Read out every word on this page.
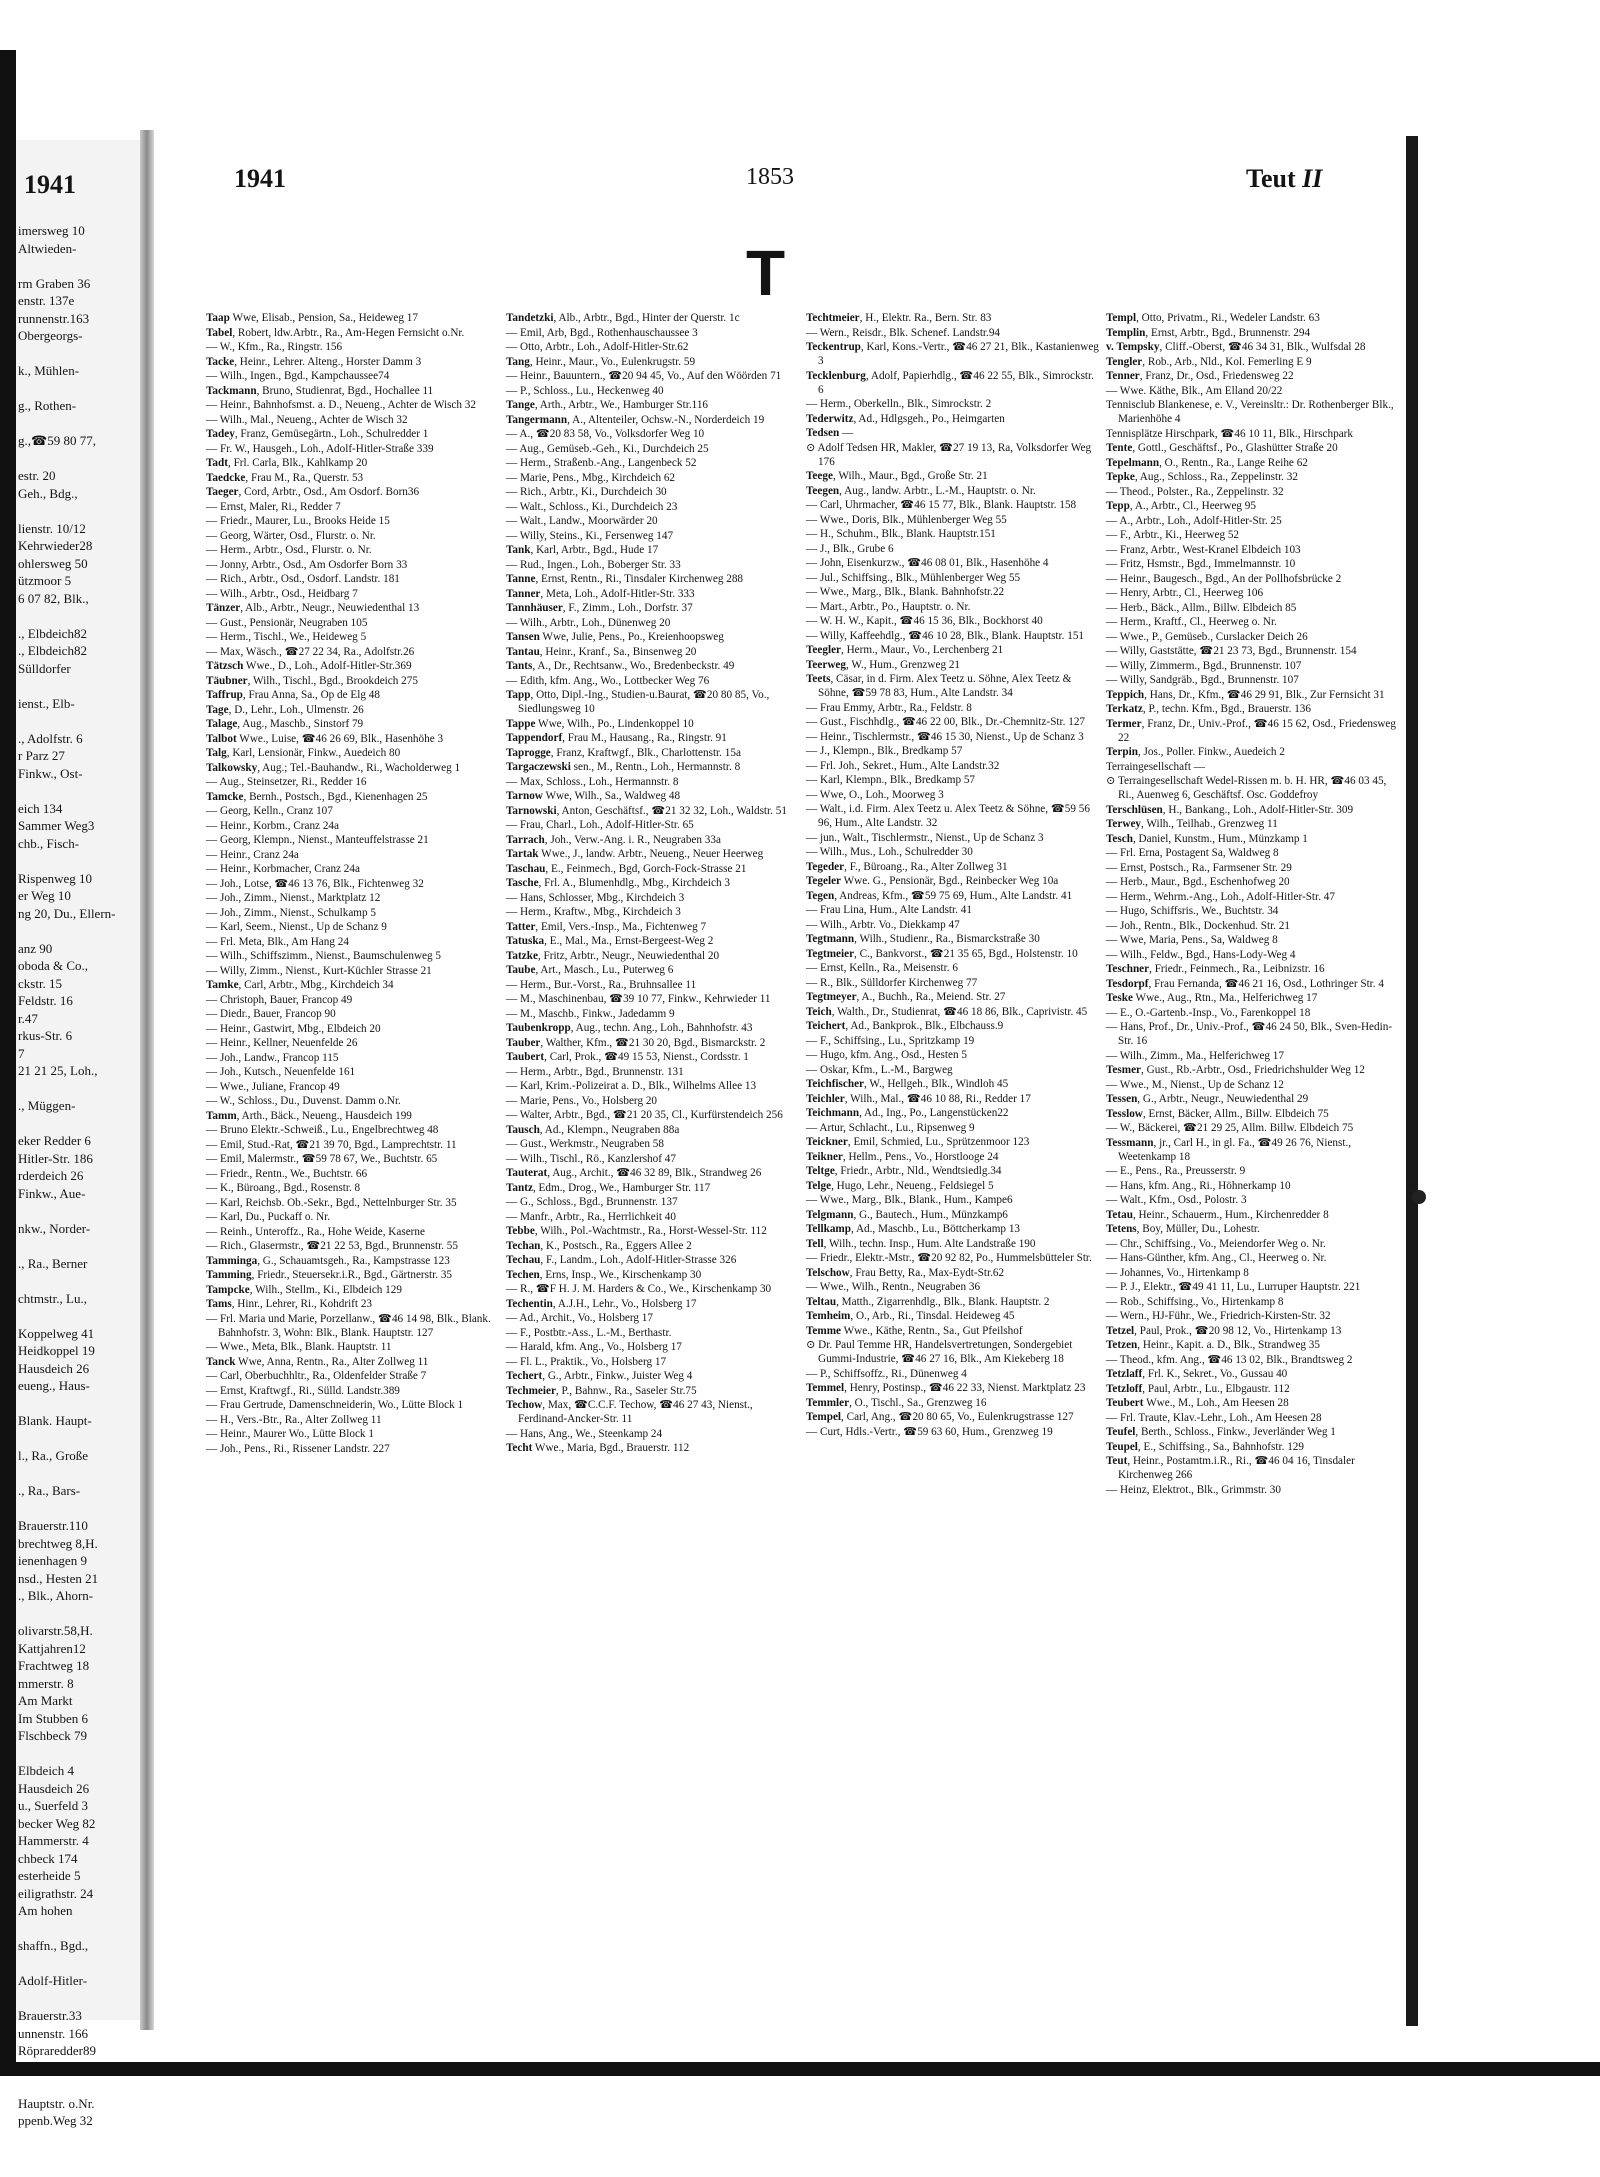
1941
imersweg 10
Altwieden-

rm Graben 36
enstr. 137e
runnenstr.163
Obergeorgs-

k., Mühlen-

g., Rothen-

g.,☎59 80 77,

estr. 20
Geh., Bdg.,

lienstr. 10/12
Kehrwieder28
ohlersweg 50
ützmoor 5
6 07 82, Blk.,

., Elbdeich82
., Elbdeich82
Sülldorfer

ienst., Elb-

., Adolfstr. 6
r Parz 27
Finkw., Ost-

eich 134
Sammer Weg3
chb., Fisch-

Rispenweg 10
er Weg 10
ng 20, Du., Ellern-

anz 90
oboda & Co.,
ckstr. 15
Feldstr. 16
r.47
rkus-Str. 6
7
21 21 25, Loh.,

., Müggen-

eker Redder 6
Hitler-Str. 186
rderdeich 26
Finkw., Aue-

nkw., Norder-

., Ra., Berner

chtmstr., Lu.,

Koppelweg 41
Heidkoppel 19
Hausdeich 26
eueng., Haus-

Blank. Haupt-

l., Ra., Große

., Ra., Bars-

Brauerstr.110
brechtweg 8,H.
ienenhagen 9
nsd., Hesten 21
., Blk., Ahorn-

olivarstr.58,H.
Kattjahren12
Frachtweg 18
mmerstr. 8
Am Markt
Im Stubben 6
Flschbeck 79

Elbdeich 4
Hausdeich 26
u., Suerfeld 3
becker Weg 82
Hammerstr. 4
chbeck 174
esterheide 5
eiligrathstr. 24
Am hohen

shaffn., Bgd.,

Adolf-Hitler-

Brauerstr.33
unnenstr. 166
Röpraredder89

Hauptstr. o.Nr.
ppenb.Weg 32
1941	1853	Teut II
T
Taap Wwe, Elisab., Pension, Sa., Heideweg 17
Tabel, Robert, ldw.Arbtr., Ra., Am-Hegen Fernsicht o.Nr.
— W., Kfm., Ra., Ringstr. 156
Tacke, Heinr., Lehrer. Alteng., Horster Damm 3
— Wilh., Ingen., Bgd., Kampchaussee74
Tackmann, Bruno, Studienrat, Bgd., Hochallee 11
— Heinr., Bahnhofsmst. a. D., Neueng., Achter de Wisch 32
— Wilh., Mal., Neueng., Achter de Wisch 32
Tadey, Franz, Gemüsegärtn., Loh., Schulredder 1
— Fr. W., Hausgeh., Loh., Adolf-Hitler-Straße 339
Tadt, Frl. Carla, Blk., Kahlkamp 20
Taedcke, Frau M., Ra., Querstr. 53
Taeger, Cord, Arbtr., Osd., Am Osdorf. Born36
— Ernst, Maler, Ri., Redder 7
— Friedr., Maurer, Lu., Brooks Heide 15
— Georg, Wärter, Osd., Flurstr. o. Nr.
— Herm., Arbtr., Osd., Flurstr. o. Nr.
— Jonny, Arbtr., Osd., Am Osdorfer Born 33
— Rich., Arbtr., Osd., Osdorf. Landstr. 181
— Wilh., Arbtr., Osd., Heidbarg 7
Tänzer, Alb., Arbtr., Neugr., Neuwiedenthal 13
— Gust., Pensionär, Neugraben 105
— Herm., Tischl., We., Heideweg 5
— Max, Wäsch., ☎27 22 34, Ra., Adolfstr.26
Tätzsch Wwe., D., Loh., Adolf-Hitler-Str.369
Täubner, Wilh., Tischl., Bgd., Brookdeich 275
Taffrup, Frau Anna, Sa., Op de Elg 48
Tage, D., Lehr., Loh., Ulmenstr. 26
Talage, Aug., Maschb., Sinstorf 79
Talbot Wwe., Luise, ☎46 26 69, Blk., Hasenhöhe 3
Talg, Karl, Lensionär, Finkw., Auedeich 80
Talkowsky, Aug.; Tel.-Bauhandw., Ri., Wacholderweg 1
— Aug., Steinsetzer, Ri., Redder 16
Tamcke, Bernh., Postsch., Bgd., Kienenhagen 25
— Georg, Kelln., Cranz 107
— Heinr., Korbm., Cranz 24a
— Georg, Klempn., Nienst., Manteuffelstrasse 21
— Heinr., Cranz 24a
— Heinr., Korbmacher, Cranz 24a
— Joh., Lotse, ☎46 13 76, Blk., Fichtenweg 32
— Joh., Zimm., Nienst., Marktplatz 12
— Joh., Zimm., Nienst., Schulkamp 5
— Karl, Seem., Nienst., Up de Schanz 9
— Frl. Meta, Blk., Am Hang 24
— Wilh., Schiffszimm., Nienst., Baumschulenweg 5
— Willy, Zimm., Nienst., Kurt-Küchler Strasse 21
Tamke, Carl, Arbtr., Mbg., Kirchdeich 34
— Christoph, Bauer, Francop 49
— Diedr., Bauer, Francop 90
— Heinr., Gastwirt, Mbg., Elbdeich 20
— Heinr., Kellner, Neuenfelde 26
— Joh., Landw., Francop 115
— Joh., Kutsch., Neuenfelde 161
— Wwe., Juliane, Francop 49
— W., Schloss., Du., Duvenst. Damm o.Nr.
Tamm, Arth., Bäck., Neueng., Hausdeich 199
— Bruno Elektr.-Schweiß., Lu., Engelbrechtweg 48
— Emil, Stud.-Rat, ☎21 39 70, Bgd., Lamprechtstr. 11
— Emil, Malermstr., ☎59 78 67, We., Buchtstr. 65
— Friedr., Rentn., We., Buchtstr. 66
— K., Büroang., Bgd., Rosenstr. 8
— Karl, Reichsb. Ob.-Sekr., Bgd., Nettelnburger Str. 35
— Karl, Du., Puckaff o. Nr.
— Reinh., Unteroffz., Ra., Hohe Weide, Kaserne
— Rich., Glasermstr., ☎21 22 53, Bgd., Brunnenstr. 55
Tamminga, G., Schauamtsgeh., Ra., Kampstrasse 123
Tamming, Friedr., Steuersekr.i.R., Bgd., Gärtnerstr. 35
Tampcke, Wilh., Stellm., Ki., Elbdeich 129
Tams, Hinr., Lehrer, Ri., Kohdrift 23
— Frl. Maria und Marie, Porzellanw., ☎46 14 98, Blk., Blank. Bahnhofstr. 3, Wohn: Blk., Blank. Hauptstr. 127
— Wwe., Meta, Blk., Blank. Hauptstr. 11
Tanck Wwe, Anna, Rentn., Ra., Alter Zollweg 11
— Carl, Oberbuchhltr., Ra., Oldenfelder Straße 7
— Ernst, Kraftwgf., Ri., Sülld. Landstr.389
— Frau Gertrude, Damenschneiderin, Wo., Lütte Block 1
— H., Vers.-Btr., Ra., Alter Zollweg 11
— Heinr., Maurer Wo., Lütte Block 1
— Joh., Pens., Ri., Rissener Landstr. 227
Tandetzki, Alb., Arbtr., Bgd., Hinter der Querstr. 1c
— Emil, Arb, Bgd., Rothenhauschaussee 3
— Otto, Arbtr., Loh., Adolf-Hitler-Str.62
Tang, Heinr., Maur., Vo., Eulenkrugstr. 59
— Heinr., Bauuntern., ☎20 94 45, Vo., Auf den Wöörden 71
— P., Schloss., Lu., Heckenweg 40
Tange, Arth., Arbtr., We., Hamburger Str.116
Tangermann, A., Altenteiler, Ochsw.-N., Norderdeich 19
— A., ☎20 83 58, Vo., Volksdorfer Weg 10
— Aug., Gemüseb.-Geh., Ki., Durchdeich 25
— Herm., Straßenb.-Ang., Langenbeck 52
— Marie, Pens., Mbg., Kirchdeich 62
— Rich., Arbtr., Ki., Durchdeich 30
— Walt., Schloss., Ki., Durchdeich 23
— Walt., Landw., Moorwärder 20
— Willy, Steins., Ki., Fersenweg 147
Tank, Karl, Arbtr., Bgd., Hude 17
— Rud., Ingen., Loh., Boberger Str. 33
Tanne, Ernst, Rentn., Ri., Tinsdaler Kirchenweg 288
Tanner, Meta, Loh., Adolf-Hitler-Str. 333
Tannhäuser, F., Zimm., Loh., Dorfstr. 37
— Wilh., Arbtr., Loh., Dünenweg 20
Tansen Wwe, Julie, Pens., Po., Kreienhoopsweg
Tantau, Heinr., Kranf., Sa., Binsenweg 20
Tants, A., Dr., Rechtsanw., Wo., Bredenbeckstr. 49
— Edith, kfm. Ang., Wo., Lottbecker Weg 76
Tapp, Otto, Dipl.-Ing., Studien-u.Baurat, ☎20 80 85, Vo., Siedlungsweg 10
Tappe Wwe, Wilh., Po., Lindenkoppel 10
Tappendorf, Frau M., Hausang., Ra., Ringstr. 91
Taprogge, Franz, Kraftwgf., Blk., Charlottenstr. 15a
Targaczewski sen., M., Rentn., Loh., Hermannstr. 8
— Max, Schloss., Loh., Hermannstr. 8
Tarnow Wwe, Wilh., Sa., Waldweg 48
Tarnowski, Anton, Geschäftsf., ☎21 32 32, Loh., Waldstr. 51
— Frau, Charl., Loh., Adolf-Hitler-Str. 65
Tarrach, Joh., Verw.-Ang. i. R., Neugraben 33a
Tartak Wwe., J., landw. Arbtr., Neueng., Neuer Heerweg
Taschau, E., Feinmech., Bgd, Gorch-Fock-Strasse 21
Tasche, Frl. A., Blumenhdlg., Mbg., Kirchdeich 3
— Hans, Schlosser, Mbg., Kirchdeich 3
— Herm., Kraftw., Mbg., Kirchdeich 3
Tatter, Emil, Vers.-Insp., Ma., Fichtenweg 7
Tatuska, E., Mal., Ma., Ernst-Bergeest-Weg 2
Tatzke, Fritz, Arbtr., Neugr., Neuwiedenthal 20
Taube, Art., Masch., Lu., Puterweg 6
— Herm., Bur.-Vorst., Ra., Bruhnsallee 11
— M., Maschinenbau, ☎39 10 77, Finkw., Kehrwieder 11
— M., Maschb., Finkw., Jadedamm 9
Taubenkropp, Aug., techn. Ang., Loh., Bahnhofstr. 43
Tauber, Walther, Kfm., ☎21 30 20, Bgd., Bismarckstr. 2
Taubert, Carl, Prok., ☎49 15 53, Nienst., Cordsstr. 1
— Herm., Arbtr., Bgd., Brunnenstr. 131
— Karl, Krim.-Polizeirat a. D., Blk., Wilhelms Allee 13
— Marie, Pens., Vo., Holsberg 20
— Walter, Arbtr., Bgd., ☎21 20 35, Cl., Kurfürstendeich 256
Tausch, Ad., Klempn., Neugraben 88a
— Gust., Werkmstr., Neugraben 58
— Wilh., Tischl., Rö., Kanzlershof 47
Tauterat, Aug., Archit., ☎46 32 89, Blk., Strandweg 26
Tantz, Edm., Drog., We., Hamburger Str. 117
— G., Schloss., Bgd., Brunnenstr. 137
— Manfr., Arbtr., Ra., Herrlichkeit 40
Tebbe, Wilh., Pol.-Wachtmstr., Ra., Horst-Wessel-Str. 112
Techan, K., Postsch., Ra., Eggers Allee 2
Techau, F., Landm., Loh., Adolf-Hitler-Strasse 326
Techen, Erns, Insp., We., Kirschenkamp 30
— R., ☎F H. J. M. Harders & Co., We., Kirschenkamp 30
Techentin, A.J.H., Lehr., Vo., Holsberg 17
— Ad., Archit., Vo., Holsberg 17
— F., Postbtr.-Ass., L.-M., Berthastr.
— Harald, kfm. Ang., Vo., Holsberg 17
— Fl. L., Praktik., Vo., Holsberg 17
Techert, G., Arbtr., Finkw., Juister Weg 4
Techmeier, P., Bahnw., Ra., Saseler Str.75
Techow, Max, ☎C.C.F. Techow, ☎46 27 43, Nienst., Ferdinand-Ancker-Str. 11
— Hans, Ang., We., Steenkamp 24
Techt Wwe., Maria, Bgd., Brauerstr. 112
Techtmeier, H., Elektr. Ra., Bern. Str. 83
— Wern., Reisdr., Blk. Schenef. Landstr.94
Teckentrup, Karl, Kons.-Vertr., ☎46 27 21, Blk., Kastanienweg 3
Tecklenburg, Adolf, Papierhdlg., ☎46 22 55, Blk., Simrockstr. 6
— Herm., Oberkelln., Blk., Simrockstr. 2
Tederwitz, Ad., Hdlgsgeh., Po., Heimgarten
Tedsen —
⊙ Adolf Tedsen HR, Makler, ☎27 19 13, Ra, Volksdorfer Weg 176
Teege, Wilh., Maur., Bgd., Große Str. 21
Teegen, Aug., landw. Arbtr., L.-M., Hauptstr. o. Nr.
— Carl, Uhrmacher, ☎46 15 77, Blk., Blank. Hauptstr. 158
— Wwe., Doris, Blk., Mühlenberger Weg 55
— H., Schuhm., Blk., Blank. Hauptstr.151
— J., Blk., Grube 6
— John, Eisenkurzw., ☎46 08 01, Blk., Hasenhöhe 4
— Jul., Schiffsing., Blk., Mühlenberger Weg 55
— Wwe., Marg., Blk., Blank. Bahnhofstr.22
— Mart., Arbtr., Po., Hauptstr. o. Nr.
— W. H. W., Kapit., ☎46 15 36, Blk., Bockhorst 40
— Willy, Kaffeehdlg., ☎46 10 28, Blk., Blank. Hauptstr. 151
Teegler, Herm., Maur., Vo., Lerchenberg 21
Teerweg, W., Hum., Grenzweg 21
Teets, Cäsar, in d. Firm. Alex Teetz u. Söhne, Alex Teetz & Söhne, ☎59 78 83, Hum., Alte Landstr. 34
— Frau Emmy, Arbtr., Ra., Feldstr. 8
— Gust., Fischhdlg., ☎46 22 00, Blk., Dr.-Chemnitz-Str. 127
— Heinr., Tischlermstr., ☎46 15 30, Nienst., Up de Schanz 3
— J., Klempn., Blk., Bredkamp 57
— Frl. Joh., Sekret., Hum., Alte Landstr.32
— Karl, Klempn., Blk., Bredkamp 57
— Wwe, O., Loh., Moorweg 3
— Walt., i.d. Firm. Alex Teetz u. Alex Teetz & Söhne, ☎59 56 96, Hum., Alte Landstr. 32
— jun., Walt., Tischlermstr., Nienst., Up de Schanz 3
— Wilh., Mus., Loh., Schulredder 30
Tegeder, F., Büroang., Ra., Alter Zollweg 31
Tegeler Wwe. G., Pensionär, Bgd., Reinbecker Weg 10a
Tegen, Andreas, Kfm., ☎59 75 69, Hum., Alte Landstr. 41
— Frau Lina, Hum., Alte Landstr. 41
— Wilh., Arbtr. Vo., Diekkamp 47
Tegtmann, Wilh., Studienr., Ra., Bismarckstraße 30
Tegtmeier, C., Bankvorst., ☎21 35 65, Bgd., Holstenstr. 10
— Ernst, Kelln., Ra., Meisenstr. 6
— R., Blk., Sülldorfer Kirchenweg 77
Tegtmeyer, A., Buchh., Ra., Meiend. Str. 27
Teich, Walth., Dr., Studienrat, ☎46 18 86, Blk., Caprivistr. 45
Teichert, Ad., Bankprok., Blk., Elbchauss.9
— F., Schiffsing., Lu., Spritzkamp 19
— Hugo, kfm. Ang., Osd., Hesten 5
— Oskar, Kfm., L.-M., Bargweg
Teichfischer, W., Hellgeh., Blk., Windloh 45
Teichler, Wilh., Mal., ☎46 10 88, Ri., Redder 17
Teichmann, Ad., Ing., Po., Langenstücken22
— Artur, Schlacht., Lu., Ripsenweg 9
Teickner, Emil, Schmied, Lu., Sprützenmoor 123
Teikner, Hellm., Pens., Vo., Horstlooge 24
Teltge, Friedr., Arbtr., Nld., Wendtsiedlg.34
Telge, Hugo, Lehr., Neueng., Feldsiegel 5
— Wwe., Marg., Blk., Blank., Hum., Kampe6
Telgmann, G., Bautech., Hum., Münzkamp6
Tellkamp, Ad., Maschb., Lu., Böttcherkamp 13
Tell, Wilh., techn. Insp., Hum. Alte Landstraße 190
— Friedr., Elektr.-Mstr., ☎20 92 82, Po., Hummelsbütteler Str.
Telschow, Frau Betty, Ra., Max-Eydt-Str.62
— Wwe., Wilh., Rentn., Neugraben 36
Teltau, Matth., Zigarrenhdlg., Blk., Blank. Hauptstr. 2
Temheim, O., Arb., Ri., Tinsdal. Heideweg 45
Temme Wwe., Käthe, Rentn., Sa., Gut Pfeilshof
⊙ Dr. Paul Temme HR, Handelsvertretungen, Sondergebiet Gummi-Industrie, ☎46 27 16, Blk., Am Kiekeberg 18
— P., Schiffsoffz., Ri., Dünenweg 4
Temmel, Henry, Postinsp., ☎46 22 33, Nienst. Marktplatz 23
Temmler, O., Tischl., Sa., Grenzweg 16
Tempel, Carl, Ang., ☎20 80 65, Vo., Eulenkrugstrasse 127
— Curt, Hdls.-Vertr., ☎59 63 60, Hum., Grenzweg 19
Templ, Otto, Privatm., Ri., Wedeler Landstr. 63
Templin, Ernst, Arbtr., Bgd., Brunnenstr. 294
v. Tempsky, Cliff.-Oberst, ☎46 34 31, Blk., Wulfsdal 28
Tengler, Rob., Arb., Nld., Kol. Femerling E 9
Tenner, Franz, Dr., Osd., Friedensweg 22
— Wwe. Käthe, Blk., Am Elland 20/22
Tennisclub Blankenese, e. V., Vereinsltr.: Dr. Rothenberger Blk., Marienhöhe 4
Tennisplätze Hirschpark, ☎46 10 11, Blk., Hirschpark
Tente, Gottl., Geschäftsf., Po., Glashütter Straße 20
Tepelmann, O., Rentn., Ra., Lange Reihe 62
Tepke, Aug., Schloss., Ra., Zeppelinstr. 32
— Theod., Polster., Ra., Zeppelinstr. 32
Tepp, A., Arbtr., Cl., Heerweg 95
— A., Arbtr., Loh., Adolf-Hitler-Str. 25
— F., Arbtr., Ki., Heerweg 52
— Franz, Arbtr., West-Kranel Elbdeich 103
— Fritz, Hsmstr., Bgd., Immelmannstr. 10
— Heinr., Baugesch., Bgd., An der Pollhofsbrücke 2
— Henry, Arbtr., Cl., Heerweg 106
— Herb., Bäck., Allm., Billw. Elbdeich 85
— Herm., Kraftf., Cl., Heerweg o. Nr.
— Wwe., P., Gemüseb., Curslacker Deich 26
— Willy, Gaststätte, ☎21 23 73, Bgd., Brunnenstr. 154
— Willy, Zimmerm., Bgd., Brunnenstr. 107
— Willy, Sandgräb., Bgd., Brunnenstr. 107
Teppich, Hans, Dr., Kfm., ☎46 29 91, Blk., Zur Fernsicht 31
Terkatz, P., techn. Kfm., Bgd., Brauerstr. 136
Termer, Franz, Dr., Univ.-Prof., ☎46 15 62, Osd., Friedensweg 22
Terpin, Jos., Poller. Finkw., Auedeich 2
Terraingesellschaft —
⊙ Terraingesellschaft Wedel-Rissen m. b. H. HR, ☎46 03 45, Ri., Auenweg 6, Geschäftsf. Osc. Goddefroy
Terschlüsen, H., Bankang., Loh., Adolf-Hitler-Str. 309
Terwey, Wilh., Teilhab., Grenzweg 11
Tesch, Daniel, Kunstm., Hum., Münzkamp 1
— Frl. Erna, Postagent Sa, Waldweg 8
— Ernst, Postsch., Ra., Farmsener Str. 29
— Herb., Maur., Bgd., Eschenhofweg 20
— Herm., Wehrm.-Ang., Loh., Adolf-Hitler-Str. 47
— Hugo, Schiffsris., We., Buchtstr. 34
— Joh., Rentn., Blk., Dockenhud. Str. 21
— Wwe, Maria, Pens., Sa, Waldweg 8
— Wilh., Feldw., Bgd., Hans-Lody-Weg 4
Teschner, Friedr., Feinmech., Ra., Leibnizstr. 16
Tesdorpf, Frau Fernanda, ☎46 21 16, Osd., Lothringer Str. 4
Teske Wwe., Aug., Rtn., Ma., Helferichweg 17
— E., O.-Gartenb.-Insp., Vo., Farenkoppel 18
— Hans, Prof., Dr., Univ.-Prof., ☎46 24 50, Blk., Sven-Hedin-Str. 16
— Wilh., Zimm., Ma., Helferichweg 17
Tesmer, Gust., Rb.-Arbtr., Osd., Friedrichshulder Weg 12
— Wwe., M., Nienst., Up de Schanz 12
Tessen, G., Arbtr., Neugr., Neuwiedenthal 29
Tesslow, Ernst, Bäcker, Allm., Billw. Elbdeich 75
— W., Bäckerei, ☎21 29 25, Allm. Billw. Elbdeich 75
Tessmann, jr., Carl H., in gl. Fa., ☎49 26 76, Nienst., Weetenkamp 18
— E., Pens., Ra., Preusserstr. 9
— Hans, kfm. Ang., Ri., Höhnerkamp 10
— Walt., Kfm., Osd., Polostr. 3
Tetau, Heinr., Schauerm., Hum., Kirchenredder 8
Tetens, Boy, Müller, Du., Lohestr.
— Chr., Schiffsing., Vo., Meiendorfer Weg o. Nr.
— Hans-Günther, kfm. Ang., Cl., Heerweg o. Nr.
— Johannes, Vo., Hirtenkamp 8
— P. J., Elektr., ☎49 41 11, Lu., Lurruper Hauptstr. 221
— Rob., Schiffsing., Vo., Hirtenkamp 8
— Wern., HJ-Führ., We., Friedrich-Kirsten-Str. 32
Tetzel, Paul, Prok., ☎20 98 12, Vo., Hirtenkamp 13
Tetzen, Heinr., Kapit. a. D., Blk., Strandweg 35
— Theod., kfm. Ang., ☎46 13 02, Blk., Brandtsweg 2
Tetzlaff, Frl. K., Sekret., Vo., Gussau 40
Tetzloff, Paul, Arbtr., Lu., Elbgaustr. 112
Teubert Wwe., M., Loh., Am Heesen 28
— Frl. Traute, Klav.-Lehr., Loh., Am Heesen 28
Teufel, Berth., Schloss., Finkw., Jeverländer Weg 1
Teupel, E., Schiffsing., Sa., Bahnhofstr. 129
Teut, Heinr., Postamtm.i.R., Ri., ☎46 04 16, Tinsdaler Kirchenweg 266
— Heinz, Elektrot., Blk., Grimmstr. 30
